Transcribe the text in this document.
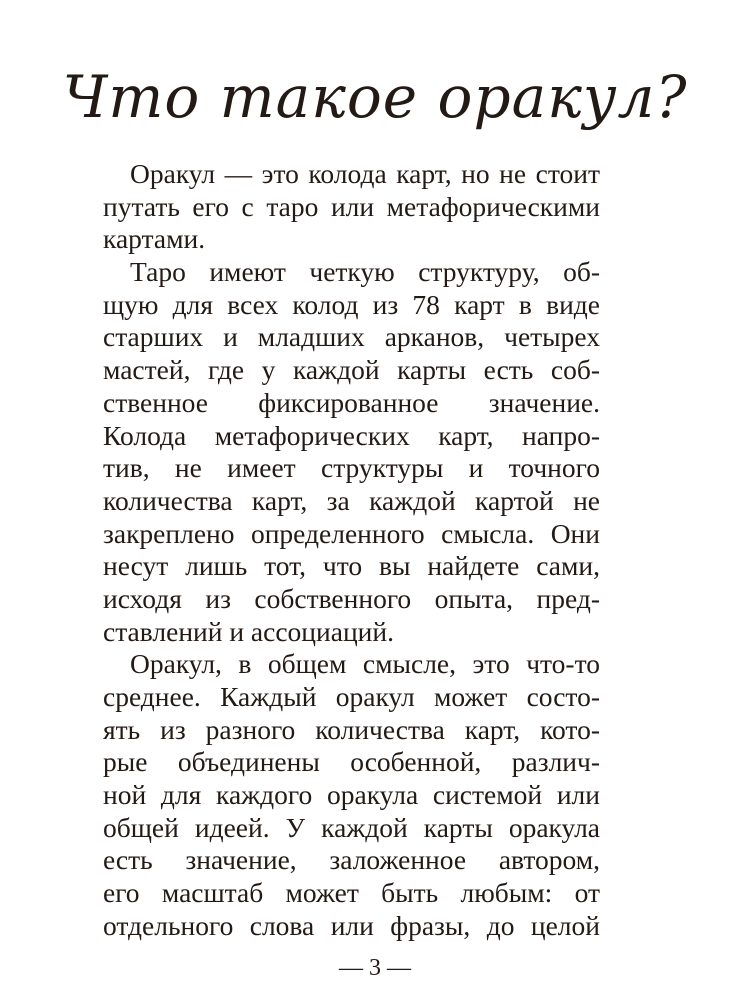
Что такое оракул?
Оракул — это колода карт, но не стоит
путать его с таро или метафорическими
картами.
Таро имеют четкую структуру, об-
щую для всех колод из 78 карт в виде
старших и младших арканов, четырех
мастей, где у каждой карты есть соб-
ственное фиксированное значение.
Колода метафорических карт, напро-
тив, не имеет структуры и точного
количества карт, за каждой картой не
закреплено определенного смысла. Они
несут лишь тот, что вы найдете сами,
исходя из собственного опыта, пред-
ставлений и ассоциаций.
Оракул, в общем смысле, это что-то
среднее. Каждый оракул может состо-
ять из разного количества карт, кото-
рые объединены особенной, различ-
ной для каждого оракула системой или
общей идеей. У каждой карты оракула
есть значение, заложенное автором,
его масштаб может быть любым: от
отдельного слова или фразы, до целой
— 3 —
